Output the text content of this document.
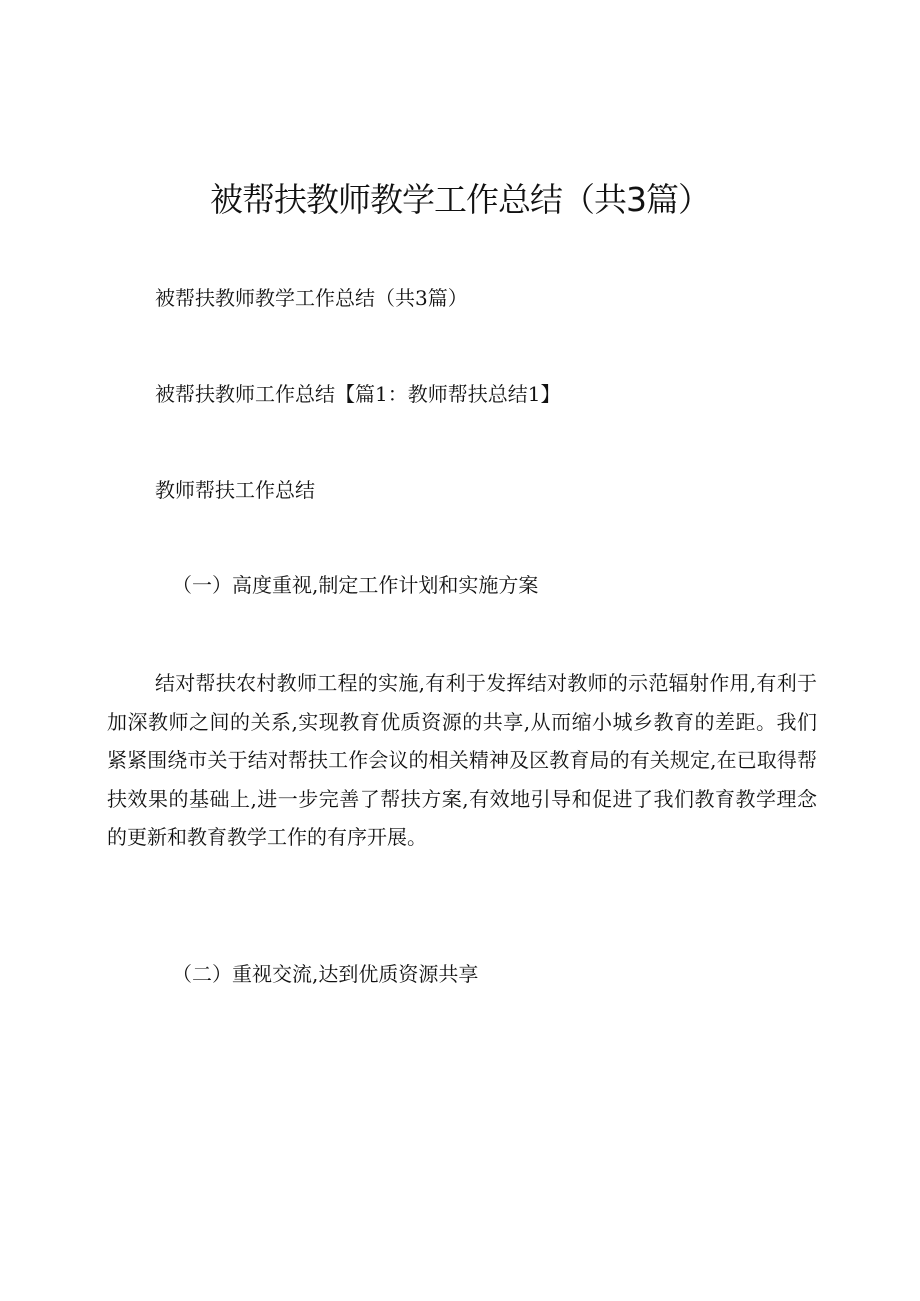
被帮扶教师教学工作总结（共3篇）

被帮扶教师教学工作总结（共3篇）

被帮扶教师工作总结【篇1：教师帮扶总结1】

教师帮扶工作总结

（一）高度重视,制定工作计划和实施方案

结对帮扶农村教师工程的实施,有利于发挥结对教师的示范辐射作用,有利于加深教师之间的关系,实现教育优质资源的共享,从而缩小城乡教育的差距。我们紧紧围绕市关于结对帮扶工作会议的相关精神及区教育局的有关规定,在已取得帮扶效果的基础上,进一步完善了帮扶方案,有效地引导和促进了我们教育教学理念的更新和教育教学工作的有序开展。

（二）重视交流,达到优质资源共享
